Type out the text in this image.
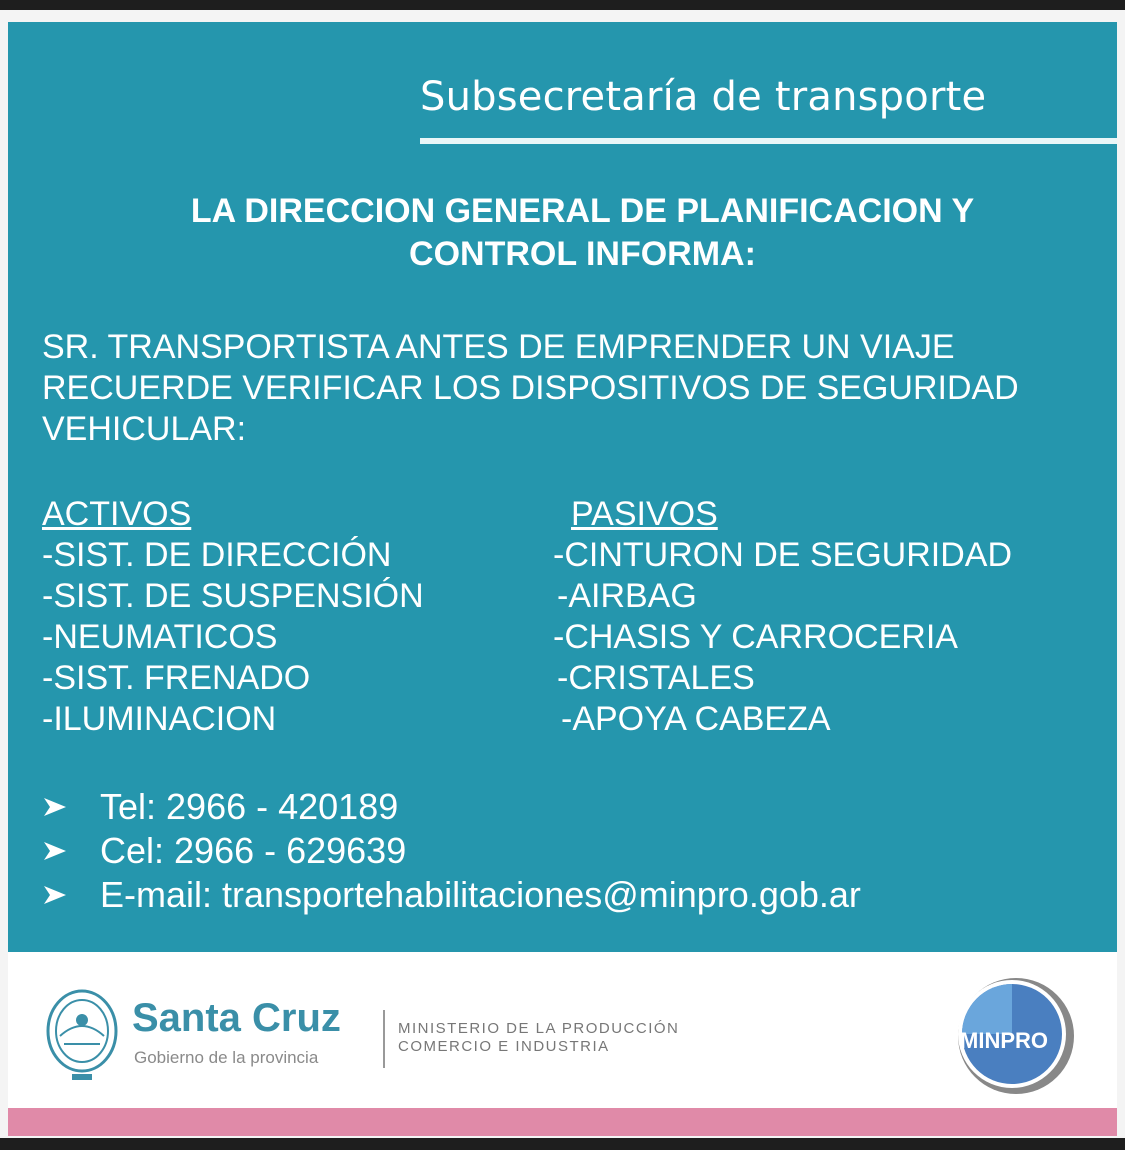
Subsecretaría de transporte
LA DIRECCION GENERAL DE PLANIFICACION Y
CONTROL INFORMA:
SR. TRANSPORTISTA ANTES DE EMPRENDER UN VIAJE
RECUERDE VERIFICAR LOS DISPOSITIVOS DE SEGURIDAD
VEHICULAR:
ACTIVOS
-SIST. DE DIRECCIÓN
-SIST. DE SUSPENSIÓN
-NEUMATICOS
-SIST. FRENADO
-ILUMINACION
PASIVOS
-CINTURON DE SEGURIDAD
-AIRBAG
-CHASIS Y CARROCERIA
-CRISTALES
-APOYA CABEZA
Tel: 2966 - 420189
Cel: 2966 - 629639
E-mail: transportehabilitaciones@minpro.gob.ar
Santa Cruz
Gobierno de la provincia
MINISTERIO DE LA PRODUCCIÓN
COMERCIO E INDUSTRIA	MINPRO
